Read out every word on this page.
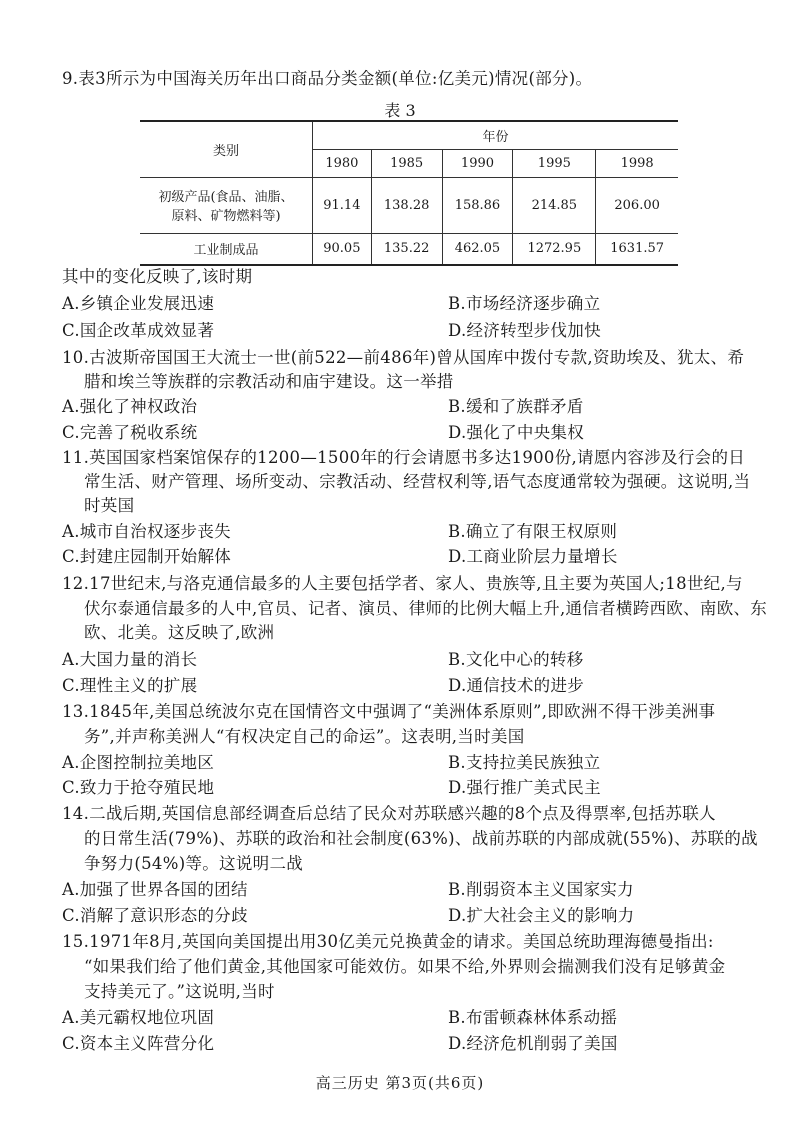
9.表3所示为中国海关历年出口商品分类金额(单位:亿美元)情况(部分)。
表 3
类别	年份				
	1980	1985	1990	1995	1998

初级产品(食品、油脂、
原料、矿物燃料等)	91.14	138.28	158.86	214.85	206.00
工业制成品	90.05	135.22	462.05	1272.95	1631.57
其中的变化反映了,该时期
A.乡镇企业发展迅速	B.市场经济逐步确立
C.国企改革成效显著	D.经济转型步伐加快
10.古波斯帝国国王大流士一世(前522—前486年)曾从国库中拨付专款,资助埃及、犹太、希
腊和埃兰等族群的宗教活动和庙宇建设。这一举措
A.强化了神权政治	B.缓和了族群矛盾
C.完善了税收系统	D.强化了中央集权
11.英国国家档案馆保存的1200—1500年的行会请愿书多达1900份,请愿内容涉及行会的日
常生活、财产管理、场所变动、宗教活动、经营权利等,语气态度通常较为强硬。这说明,当
时英国
A.城市自治权逐步丧失	B.确立了有限王权原则
C.封建庄园制开始解体	D.工商业阶层力量增长
12.17世纪末,与洛克通信最多的人主要包括学者、家人、贵族等,且主要为英国人;18世纪,与
伏尔泰通信最多的人中,官员、记者、演员、律师的比例大幅上升,通信者横跨西欧、南欧、东
欧、北美。这反映了,欧洲
A.大国力量的消长	B.文化中心的转移
C.理性主义的扩展	D.通信技术的进步
13.1845年,美国总统波尔克在国情咨文中强调了“美洲体系原则”,即欧洲不得干涉美洲事
务”,并声称美洲人“有权决定自己的命运”。这表明,当时美国
A.企图控制拉美地区	B.支持拉美民族独立
C.致力于抢夺殖民地	D.强行推广美式民主
14.二战后期,英国信息部经调查后总结了民众对苏联感兴趣的8个点及得票率,包括苏联人
的日常生活(79%)、苏联的政治和社会制度(63%)、战前苏联的内部成就(55%)、苏联的战
争努力(54%)等。这说明二战
A.加强了世界各国的团结	B.削弱资本主义国家实力
C.消解了意识形态的分歧	D.扩大社会主义的影响力
15.1971年8月,英国向美国提出用30亿美元兑换黄金的请求。美国总统助理海德曼指出:
“如果我们给了他们黄金,其他国家可能效仿。如果不给,外界则会揣测我们没有足够黄金
支持美元了。”这说明,当时
A.美元霸权地位巩固	B.布雷顿森林体系动摇
C.资本主义阵营分化	D.经济危机削弱了美国
高三历史 第3页(共6页)
